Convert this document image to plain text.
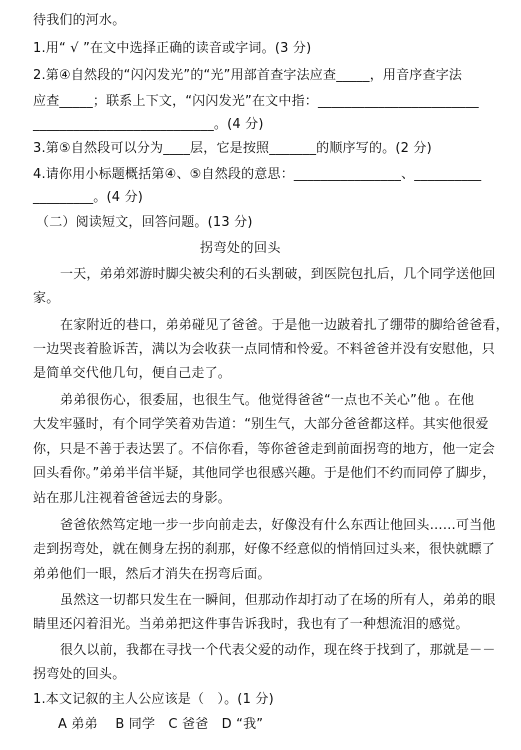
待我们的河水。
1.用“ √ ”在文中选择正确的读音或字词。(3 分)
2.第④自然段的“闪闪发光”的“光”用部首查字法应查_____，用音序查字法
应查_____；联系上下文，“闪闪发光”在文中指：________________________
___________________________。(4 分)
3.第⑤自然段可以分为____层，它是按照_______的顺序写的。(2 分)
4.请你用小标题概括第④、⑤自然段的意思：________________、__________
_________。(4 分)
（二）阅读短文，回答问题。(13 分)
拐弯处的回头
一天，弟弟郊游时脚尖被尖利的石头割破，到医院包扎后，几个同学送他回
家。
在家附近的巷口，弟弟碰见了爸爸。于是他一边跛着扎了绷带的脚给爸爸看，
一边哭丧着脸诉苦，满以为会收获一点同情和怜爱。不料爸爸并没有安慰他，只
是简单交代他几句，便自己走了。
弟弟很伤心，很委屈，也很生气。他觉得爸爸“一点也不关心”他 。在他
大发牢骚时，有个同学笑着劝告道：“别生气，大部分爸爸都这样。其实他很爱
你，只是不善于表达罢了。不信你看，等你爸爸走到前面拐弯的地方，他一定会
回头看你。”弟弟半信半疑，其他同学也很感兴趣。于是他们不约而同停了脚步，
站在那儿注视着爸爸远去的身影。
爸爸依然笃定地一步一步向前走去，好像没有什么东西让他回头……可当他
走到拐弯处，就在侧身左拐的刹那，好像不经意似的悄悄回过头来，很快就瞟了
弟弟他们一眼，然后才消失在拐弯后面。
虽然这一切都只发生在一瞬间，但那动作却打动了在场的所有人，弟弟的眼
睛里还闪着泪光。当弟弟把这件事告诉我时，我也有了一种想流泪的感觉。
很久以前，我都在寻找一个代表父爱的动作，现在终于找到了，那就是－－
拐弯处的回头。
1.本文记叙的主人公应该是（　）。(1 分)
A 弟弟　 B 同学　C 爸爸　D “我”
